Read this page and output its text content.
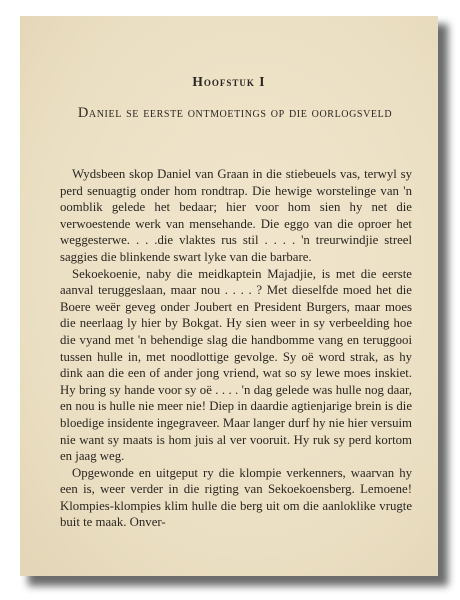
Hoofstuk I
Daniel se eerste ontmoetings op die oorlogsveld

Wydsbeen skop Daniel van Graan in die stiebeuels vas, terwyl sy perd senuagtig onder hom rondtrap. Die hewige worstelinge van 'n oomblik gelede het bedaar; hier voor hom sien hy net die verwoestende werk van mensehande. Die eggo van die oproer het weggesterwe. . . .die vlaktes rus stil . . . . 'n treurwindjie streel saggies die blinkende swart lyke van die barbare.

Sekoekoenie, naby die meidkaptein Majadjie, is met die eerste aanval teruggeslaan, maar nou . . . . ? Met dieselfde moed het die Boere weër geveg onder Joubert en President Burgers, maar moes die neerlaag ly hier by Bokgat. Hy sien weer in sy verbeelding hoe die vyand met 'n behendige slag die handbomme vang en teruggooi tussen hulle in, met noodlottige gevolge. Sy oë word strak, as hy dink aan die een of ander jong vriend, wat so sy lewe moes inskiet. Hy bring sy hande voor sy oë . . . . 'n dag gelede was hulle nog daar, en nou is hulle nie meer nie! Diep in daardie agtienjarige brein is die bloedige insidente ingegraveer. Maar langer durf hy nie hier versuim nie want sy maats is hom juis al ver vooruit. Hy ruk sy perd kortom en jaag weg.

Opgewonde en uitgeput ry die klompie verkenners, waarvan hy een is, weer verder in die rigting van Sekoekoensberg. Lemoene! Klompies-klompies klim hulle die berg uit om die aanloklike vrugte buit te maak. Onver-
